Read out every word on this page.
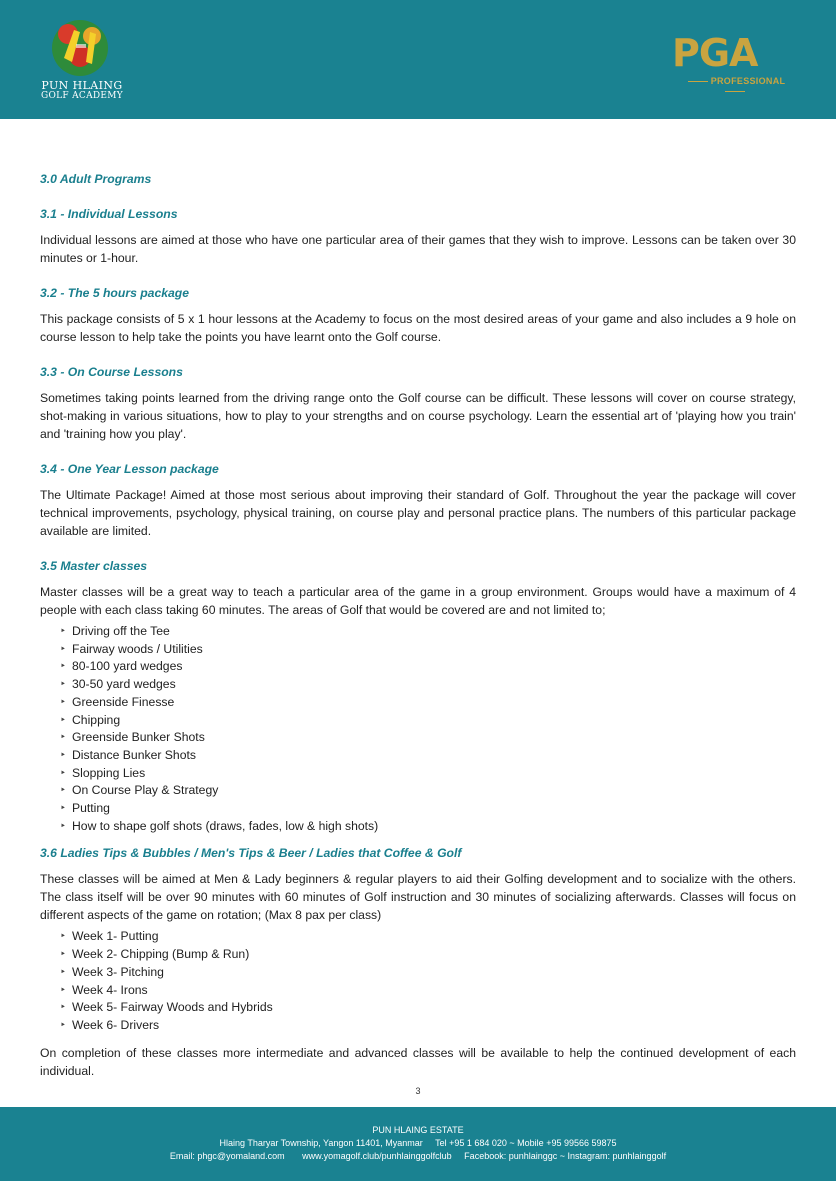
PUN HLAING
GOLF ACADEMY
PGA
PROFESSIONAL
3.0 Adult Programs
3.1 - Individual Lessons

Individual lessons are aimed at those who have one particular area of their games that they wish to improve. Lessons can be taken over 30 minutes or 1-hour.

3.2 - The 5 hours package

This package consists of 5 x 1 hour lessons at the Academy to focus on the most desired areas of your game and also includes a 9 hole on course lesson to help take the points you have learnt onto the Golf course.

3.3 - On Course Lessons

Sometimes taking points learned from the driving range onto the Golf course can be difficult. These lessons will cover on course strategy, shot-making in various situations, how to play to your strengths and on course psychology. Learn the essential art of 'playing how you train' and 'training how you play'.

3.4 - One Year Lesson package

The Ultimate Package! Aimed at those most serious about improving their standard of Golf. Throughout the year the package will cover technical improvements, psychology, physical training, on course play and personal practice plans. The numbers of this particular package available are limited.

3.5 Master classes

Master classes will be a great way to teach a particular area of the game in a group environment. Groups would have a maximum of 4 people with each class taking 60 minutes. The areas of Golf that would be covered are and not limited to;

‣ Driving off the Tee
‣ Fairway woods / Utilities
‣ 80-100 yard wedges
‣ 30-50 yard wedges
‣ Greenside Finesse
‣ Chipping
‣ Greenside Bunker Shots
‣ Distance Bunker Shots
‣ Slopping Lies
‣ On Course Play & Strategy
‣ Putting
‣ How to shape golf shots (draws, fades, low & high shots)
3.6 Ladies Tips & Bubbles / Men's Tips & Beer / Ladies that Coffee & Golf

These classes will be aimed at Men & Lady beginners & regular players to aid their Golfing development and to socialize with the others. The class itself will be over 90 minutes with 60 minutes of Golf instruction and 30 minutes of socializing afterwards. Classes will focus on different aspects of the game on rotation; (Max 8 pax per class)

‣ Week 1- Putting
‣ Week 2- Chipping (Bump & Run)
‣ Week 3- Pitching
‣ Week 4- Irons
‣ Week 5- Fairway Woods and Hybrids
‣ Week 6- Drivers

On completion of these classes more intermediate and advanced classes will be available to help the continued development of each individual.

3
PUN HLAING ESTATE
Hlaing Tharyar Township, Yangon 11401, Myanmar     Tel +95 1 684 020 ~ Mobile +95 99566 59875
Email: phgc@yomaland.com       www.yomagolf.club/punhlainggolfclub     Facebook: punhlainggc ~ Instagram: punhlainggolf
